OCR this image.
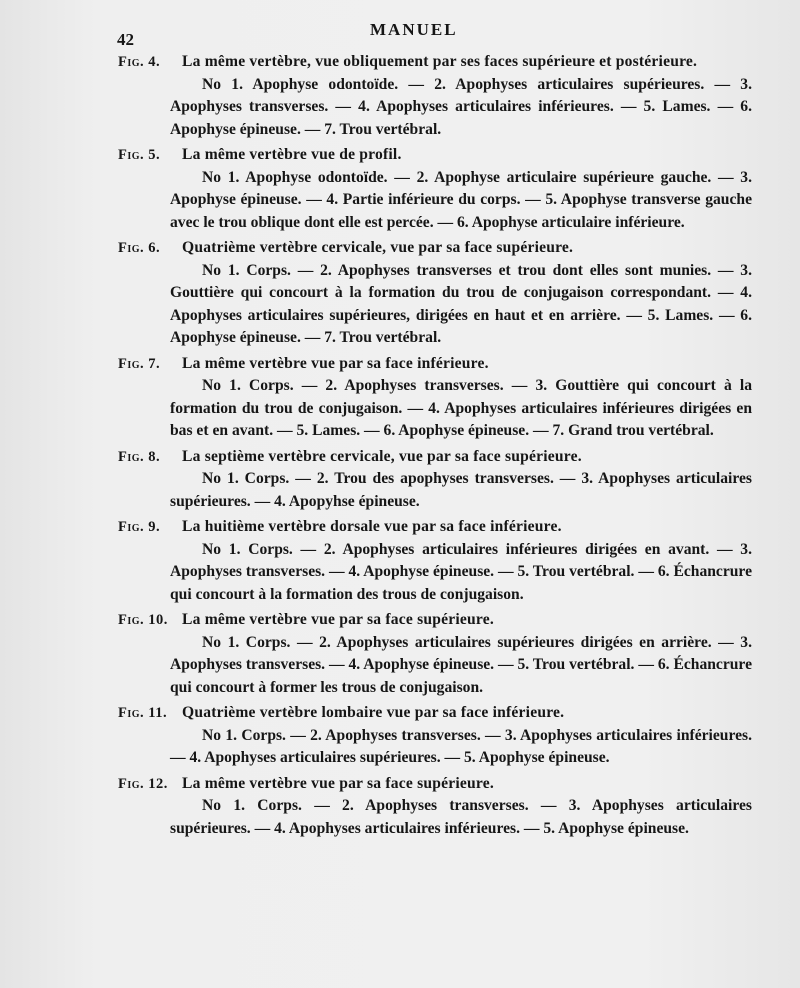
42
MANUEL
Fig. 4.	La même vertèbre, vue obliquement par ses faces supérieure et postérieure.
No 1. Apophyse odontoïde. — 2. Apophyses articulaires supérieures. — 3. Apophyses transverses. — 4. Apophyses articulaires inférieures. — 5. Lames. — 6. Apophyse épineuse. — 7. Trou vertébral.
Fig. 5.	La même vertèbre vue de profil.
No 1. Apophyse odontoïde. — 2. Apophyse articulaire supérieure gauche. — 3. Apophyse épineuse. — 4. Partie inférieure du corps. — 5. Apophyse transverse gauche avec le trou oblique dont elle est percée. — 6. Apophyse articulaire inférieure.
Fig. 6.	Quatrième vertèbre cervicale, vue par sa face supérieure.
No 1. Corps. — 2. Apophyses transverses et trou dont elles sont munies. — 3. Gouttière qui concourt à la formation du trou de conjugaison correspondant. — 4. Apophyses articulaires supérieures, dirigées en haut et en arrière. — 5. Lames. — 6. Apophyse épineuse. — 7. Trou vertébral.
Fig. 7.	La même vertèbre vue par sa face inférieure.
No 1. Corps. — 2. Apophyses transverses. — 3. Gouttière qui concourt à la formation du trou de conjugaison. — 4. Apophyses articulaires inférieures dirigées en bas et en avant. — 5. Lames. — 6. Apophyse épineuse. — 7. Grand trou vertébral.
Fig. 8.	La septième vertèbre cervicale, vue par sa face supérieure.
No 1. Corps. — 2. Trou des apophyses transverses. — 3. Apophyses articulaires supérieures. — 4. Apopyhse épineuse.
Fig. 9.	La huitième vertèbre dorsale vue par sa face inférieure.
No 1. Corps. — 2. Apophyses articulaires inférieures dirigées en avant. — 3. Apophyses transverses. — 4. Apophyse épineuse. — 5. Trou vertébral. — 6. Échancrure qui concourt à la formation des trous de conjugaison.
Fig. 10. La même vertèbre vue par sa face supérieure.
No 1. Corps. — 2. Apophyses articulaires supérieures dirigées en arrière. — 3. Apophyses transverses. — 4. Apophyse épineuse. — 5. Trou vertébral. — 6. Échancrure qui concourt à former les trous de conjugaison.
Fig. 11. Quatrième vertèbre lombaire vue par sa face inférieure.
No 1. Corps. — 2. Apophyses transverses. — 3. Apophyses articulaires inférieures. — 4. Apophyses articulaires supérieures. — 5. Apophyse épineuse.
Fig. 12. La même vertèbre vue par sa face supérieure.
No 1. Corps. — 2. Apophyses transverses. — 3. Apophyses articulaires supérieures. — 4. Apophyses articulaires inférieures. — 5. Apophyse épineuse.
